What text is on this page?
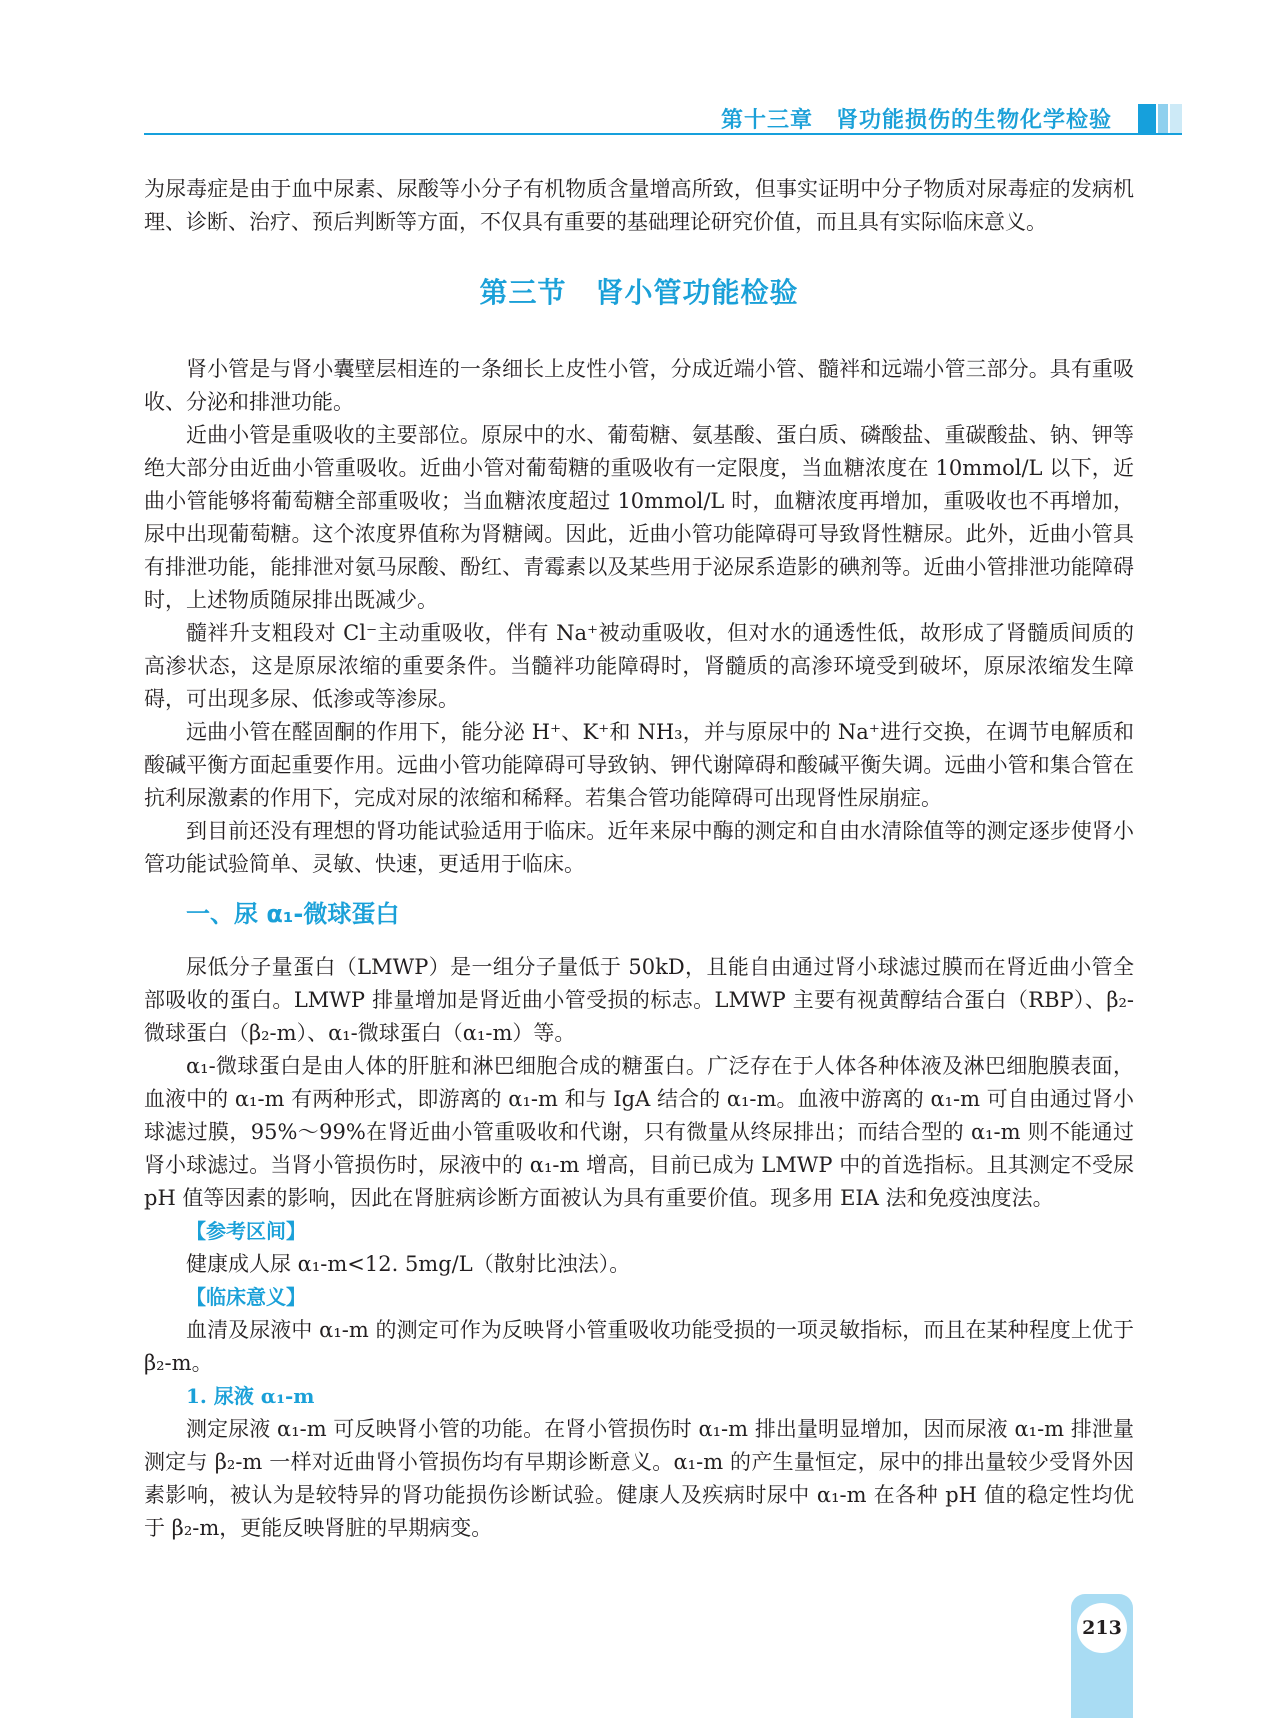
第十三章　肾功能损伤的生物化学检验

为尿毒症是由于血中尿素、尿酸等小分子有机物质含量增高所致，但事实证明中分子物质对尿毒症的发病机理、诊断、治疗、预后判断等方面，不仅具有重要的基础理论研究价值，而且具有实际临床意义。

第三节　肾小管功能检验

肾小管是与肾小囊壁层相连的一条细长上皮性小管，分成近端小管、髓袢和远端小管三部分。具有重吸收、分泌和排泄功能。

近曲小管是重吸收的主要部位。原尿中的水、葡萄糖、氨基酸、蛋白质、磷酸盐、重碳酸盐、钠、钾等绝大部分由近曲小管重吸收。近曲小管对葡萄糖的重吸收有一定限度，当血糖浓度在 10mmol/L 以下，近曲小管能够将葡萄糖全部重吸收；当血糖浓度超过 10mmol/L 时，血糖浓度再增加，重吸收也不再增加，尿中出现葡萄糖。这个浓度界值称为肾糖阈。因此，近曲小管功能障碍可导致肾性糖尿。此外，近曲小管具有排泄功能，能排泄对氨马尿酸、酚红、青霉素以及某些用于泌尿系造影的碘剂等。近曲小管排泄功能障碍时，上述物质随尿排出既减少。

髓袢升支粗段对 Cl⁻主动重吸收，伴有 Na⁺被动重吸收，但对水的通透性低，故形成了肾髓质间质的高渗状态，这是原尿浓缩的重要条件。当髓袢功能障碍时，肾髓质的高渗环境受到破坏，原尿浓缩发生障碍，可出现多尿、低渗或等渗尿。

远曲小管在醛固酮的作用下，能分泌 H⁺、K⁺和 NH₃，并与原尿中的 Na⁺进行交换，在调节电解质和酸碱平衡方面起重要作用。远曲小管功能障碍可导致钠、钾代谢障碍和酸碱平衡失调。远曲小管和集合管在抗利尿激素的作用下，完成对尿的浓缩和稀释。若集合管功能障碍可出现肾性尿崩症。

到目前还没有理想的肾功能试验适用于临床。近年来尿中酶的测定和自由水清除值等的测定逐步使肾小管功能试验简单、灵敏、快速，更适用于临床。

一、尿 α₁-微球蛋白

尿低分子量蛋白（LMWP）是一组分子量低于 50kD，且能自由通过肾小球滤过膜而在肾近曲小管全部吸收的蛋白。LMWP 排量增加是肾近曲小管受损的标志。LMWP 主要有视黄醇结合蛋白（RBP）、β₂-微球蛋白（β₂-m）、α₁-微球蛋白（α₁-m）等。

α₁-微球蛋白是由人体的肝脏和淋巴细胞合成的糖蛋白。广泛存在于人体各种体液及淋巴细胞膜表面，血液中的 α₁-m 有两种形式，即游离的 α₁-m 和与 IgA 结合的 α₁-m。血液中游离的 α₁-m 可自由通过肾小球滤过膜，95%～99%在肾近曲小管重吸收和代谢，只有微量从终尿排出；而结合型的 α₁-m 则不能通过肾小球滤过。当肾小管损伤时，尿液中的 α₁-m 增高，目前已成为 LMWP 中的首选指标。且其测定不受尿 pH 值等因素的影响，因此在肾脏病诊断方面被认为具有重要价值。现多用 EIA 法和免疫浊度法。

【参考区间】

健康成人尿 α₁-m<12. 5mg/L（散射比浊法）。

【临床意义】

血清及尿液中 α₁-m 的测定可作为反映肾小管重吸收功能受损的一项灵敏指标，而且在某种程度上优于 β₂-m。

1. 尿液 α₁-m

测定尿液 α₁-m 可反映肾小管的功能。在肾小管损伤时 α₁-m 排出量明显增加，因而尿液 α₁-m 排泄量测定与 β₂-m 一样对近曲肾小管损伤均有早期诊断意义。α₁-m 的产生量恒定，尿中的排出量较少受肾外因素影响，被认为是较特异的肾功能损伤诊断试验。健康人及疾病时尿中 α₁-m 在各种 pH 值的稳定性均优于 β₂-m，更能反映肾脏的早期病变。

213
